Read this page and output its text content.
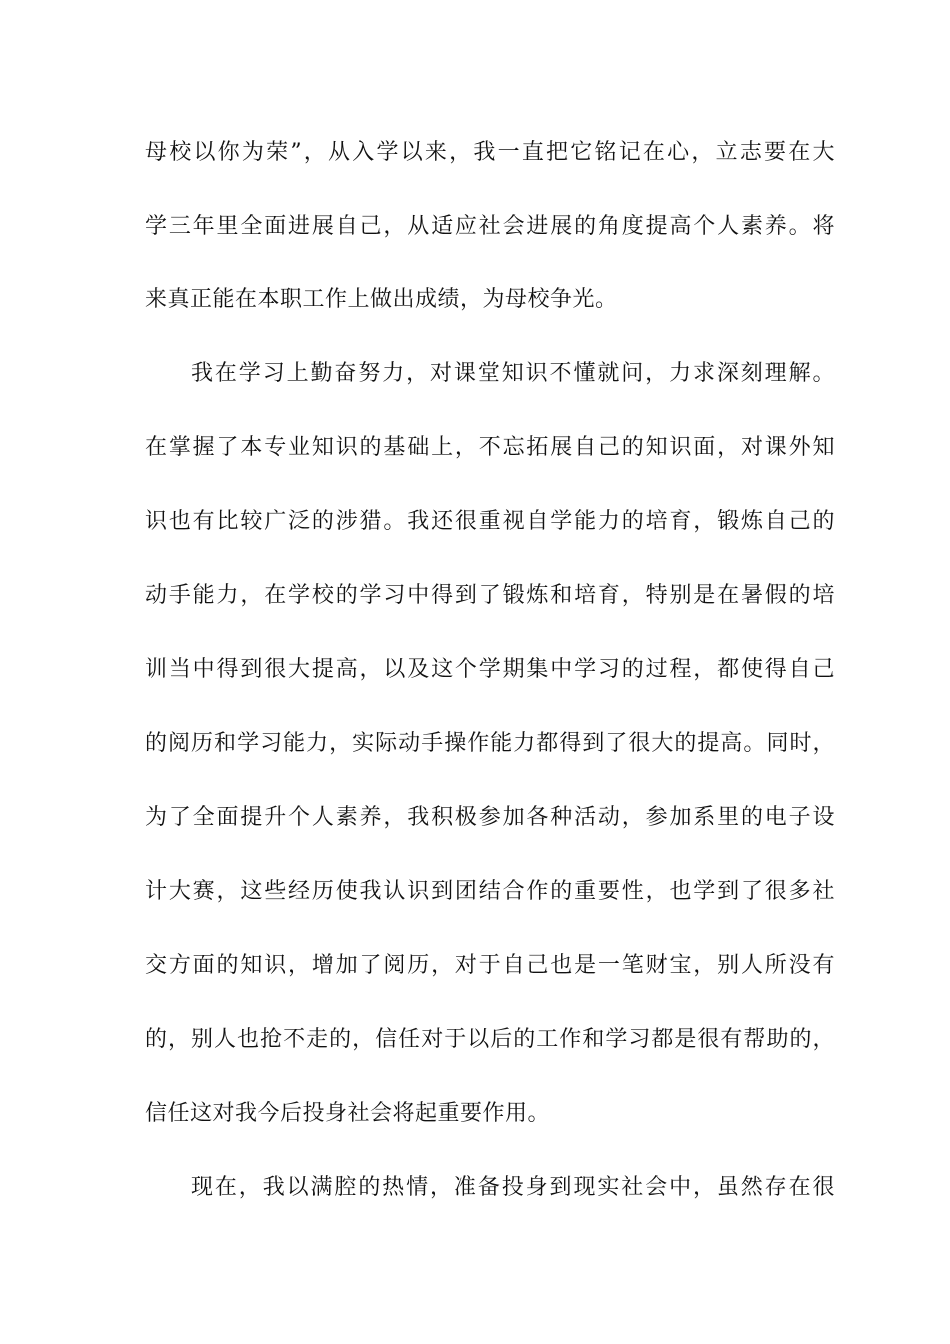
母校以你为荣”，从入学以来，我一直把它铭记在心，立志要在大
学三年里全面进展自己，从适应社会进展的角度提高个人素养。将
来真正能在本职工作上做出成绩，为母校争光。
我在学习上勤奋努力，对课堂知识不懂就问，力求深刻理解。
在掌握了本专业知识的基础上，不忘拓展自己的知识面，对课外知
识也有比较广泛的涉猎。我还很重视自学能力的培育，锻炼自己的
动手能力，在学校的学习中得到了锻炼和培育，特别是在暑假的培
训当中得到很大提高，以及这个学期集中学习的过程，都使得自己
的阅历和学习能力，实际动手操作能力都得到了很大的提高。同时，
为了全面提升个人素养，我积极参加各种活动，参加系里的电子设
计大赛，这些经历使我认识到团结合作的重要性，也学到了很多社
交方面的知识，增加了阅历，对于自己也是一笔财宝，别人所没有
的，别人也抢不走的，信任对于以后的工作和学习都是很有帮助的，
信任这对我今后投身社会将起重要作用。
现在，我以满腔的热情，准备投身到现实社会中，虽然存在很
